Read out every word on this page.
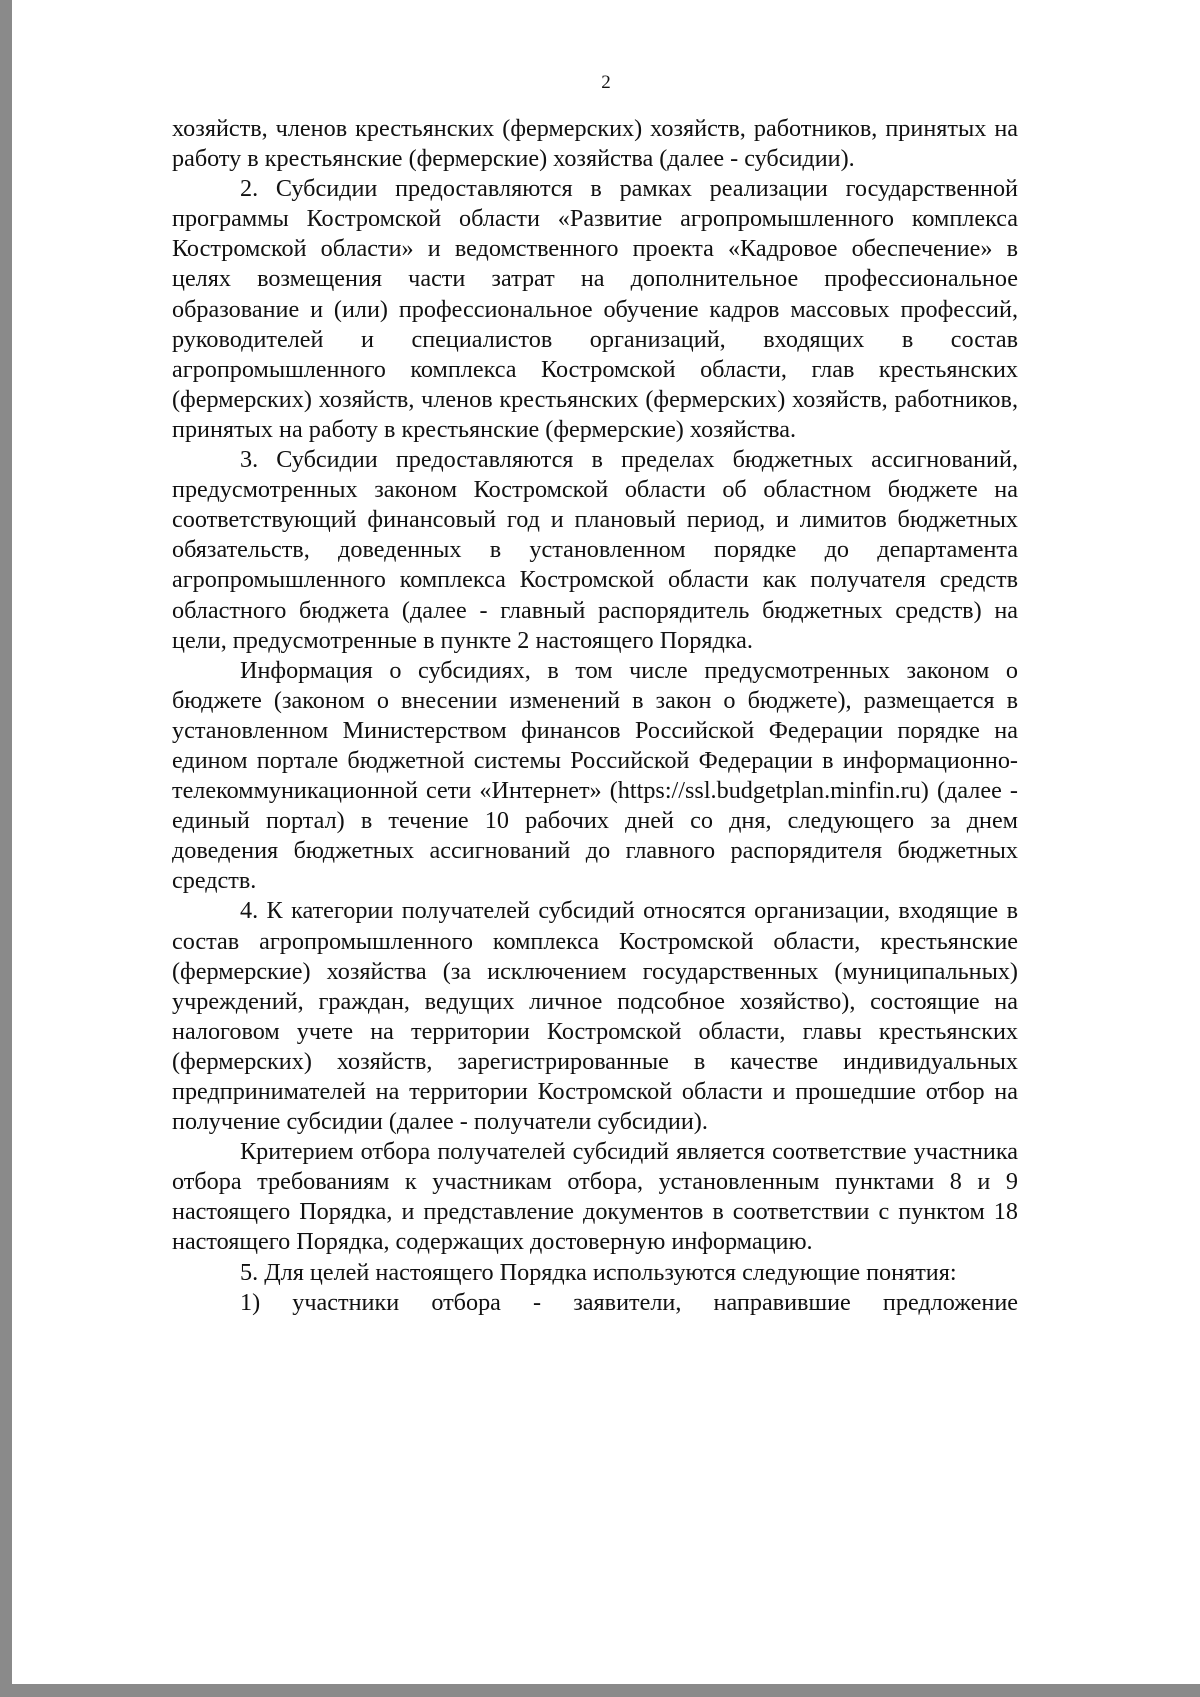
2

хозяйств, членов крестьянских (фермерских) хозяйств, работников, принятых на работу в крестьянские (фермерские) хозяйства (далее - субсидии).

2. Субсидии предоставляются в рамках реализации государственной программы Костромской области «Развитие агропромышленного комплекса Костромской области» и ведомственного проекта «Кадровое обеспечение» в целях возмещения части затрат на дополнительное профессиональное образование и (или) профессиональное обучение кадров массовых профессий, руководителей и специалистов организаций, входящих в состав агропромышленного комплекса Костромской области, глав крестьянских (фермерских) хозяйств, членов крестьянских (фермерских) хозяйств, работников, принятых на работу в крестьянские (фермерские) хозяйства.

3. Субсидии предоставляются в пределах бюджетных ассигнований, предусмотренных законом Костромской области об областном бюджете на соответствующий финансовый год и плановый период, и лимитов бюджетных обязательств, доведенных в установленном порядке до департамента агропромышленного комплекса Костромской области как получателя средств областного бюджета (далее - главный распорядитель бюджетных средств) на цели, предусмотренные в пункте 2 настоящего Порядка.

Информация о субсидиях, в том числе предусмотренных законом о бюджете (законом о внесении изменений в закон о бюджете), размещается в установленном Министерством финансов Российской Федерации порядке на едином портале бюджетной системы Российской Федерации в информационно-телекоммуникационной сети «Интернет» (https://ssl.budgetplan.minfin.ru) (далее - единый портал) в течение 10 рабочих дней со дня, следующего за днем доведения бюджетных ассигнований до главного распорядителя бюджетных средств.

4. К категории получателей субсидий относятся организации, входящие в состав агропромышленного комплекса Костромской области, крестьянские (фермерские) хозяйства (за исключением государственных (муниципальных) учреждений, граждан, ведущих личное подсобное хозяйство), состоящие на налоговом учете на территории Костромской области, главы крестьянских (фермерских) хозяйств, зарегистрированные в качестве индивидуальных предпринимателей на территории Костромской области и прошедшие отбор на получение субсидии (далее - получатели субсидии).

Критерием отбора получателей субсидий является соответствие участника отбора требованиям к участникам отбора, установленным пунктами 8 и 9 настоящего Порядка, и представление документов в соответствии с пунктом 18 настоящего Порядка, содержащих достоверную информацию.

5. Для целей настоящего Порядка используются следующие понятия:

1) участники отбора - заявители, направившие предложение
